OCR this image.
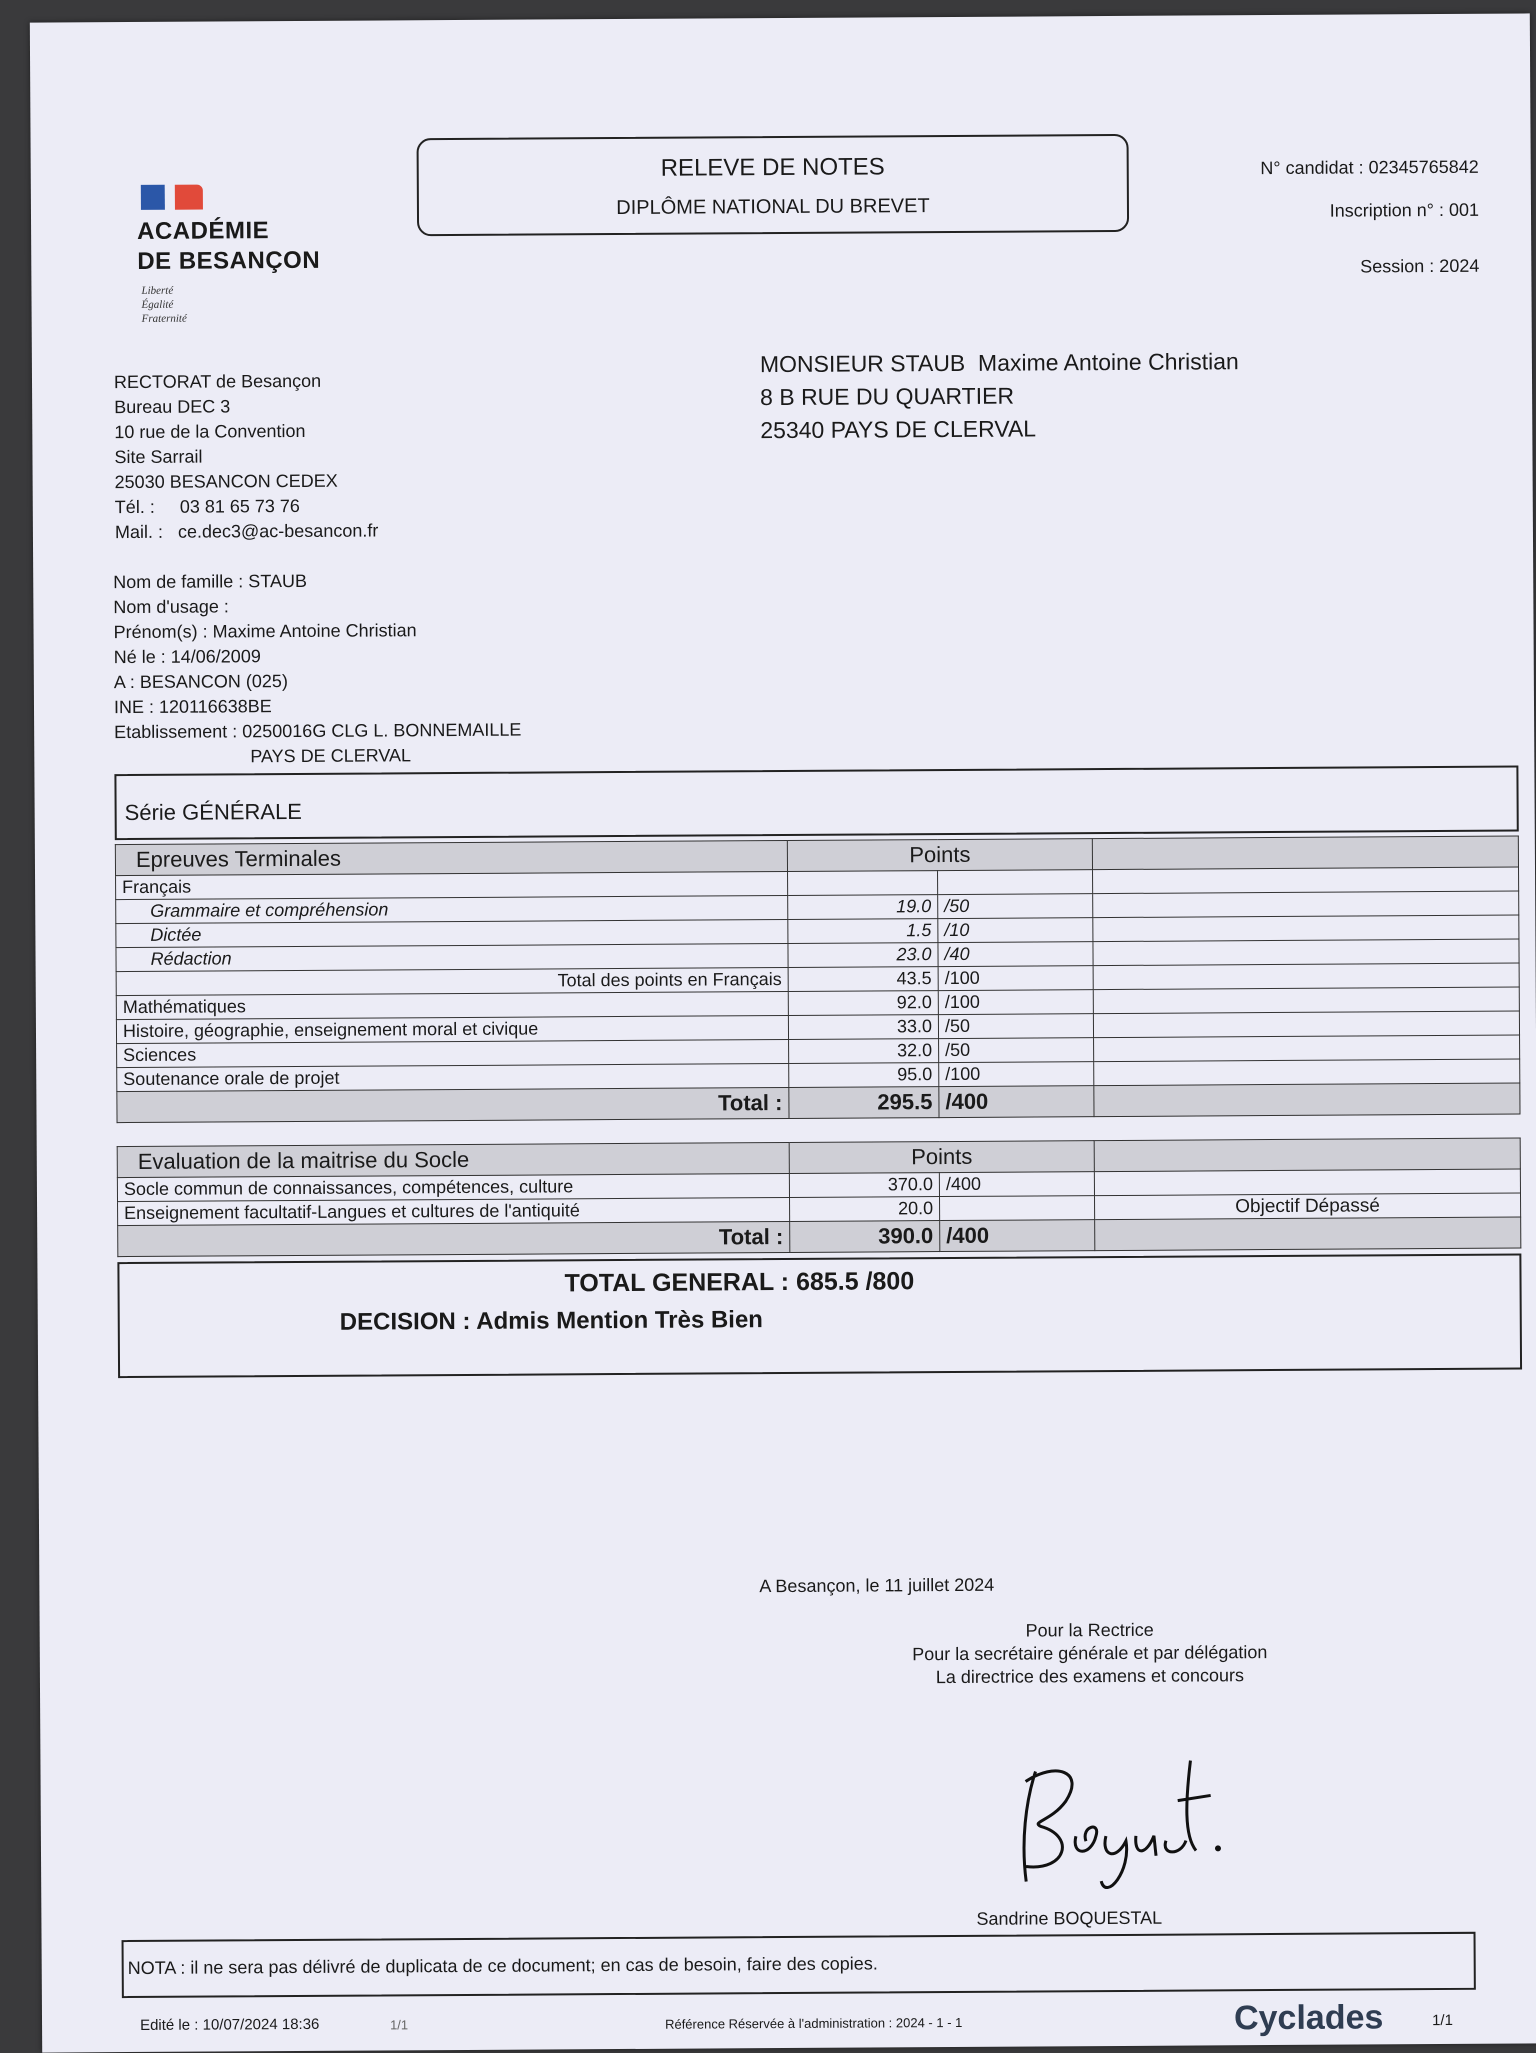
ACADÉMIE
DE BESANÇON
Liberté
Égalité
Fraternité
RELEVE DE NOTES
DIPLÔME NATIONAL DU BREVET
N° candidat : 02345765842
Inscription n° : 001
Session : 2024
RECTORAT de Besançon
Bureau DEC 3
10 rue de la Convention
Site Sarrail
25030 BESANCON CEDEX
Tél. :     03 81 65 73 76
Mail. :   ce.dec3@ac-besancon.fr
MONSIEUR STAUB  Maxime Antoine Christian
8 B RUE DU QUARTIER
25340 PAYS DE CLERVAL
Nom de famille : STAUB
Nom d'usage :
Prénom(s) : Maxime Antoine Christian
Né le : 14/06/2009
A : BESANCON (025)
INE : 120116638BE
Etablissement : 0250016G CLG L. BONNEMAILLE
PAYS DE CLERVAL
Série GÉNÉRALE
Epreuves Terminales	Points		
Français			
Grammaire et compréhension	19.0	/50	
Dictée	1.5	/10	
Rédaction	23.0	/40	
Total des points en Français	43.5	/100	
Mathématiques	92.0	/100	
Histoire, géographie, enseignement moral et civique	33.0	/50	
Sciences	32.0	/50	
Soutenance orale de projet	95.0	/100	
Total :	295.5	/400	
Evaluation de la maitrise du Socle	Points		
Socle commun de connaissances, compétences, culture	370.0	/400	
Enseignement facultatif-Langues et cultures de l'antiquité	20.0		Objectif Dépassé
Total :	390.0	/400	
TOTAL GENERAL : 685.5 /800
DECISION : Admis Mention Très Bien
A Besançon, le 11 juillet 2024
Pour la Rectrice
Pour la secrétaire générale et par délégation
La directrice des examens et concours
Sandrine BOQUESTAL
NOTA : il ne sera pas délivré de duplicata de ce document; en cas de besoin, faire des copies.
Edité le : 10/07/2024 18:36	1/1	Référence Réservée à l'administration : 2024 - 1 - 1	Cyclades	1/1
